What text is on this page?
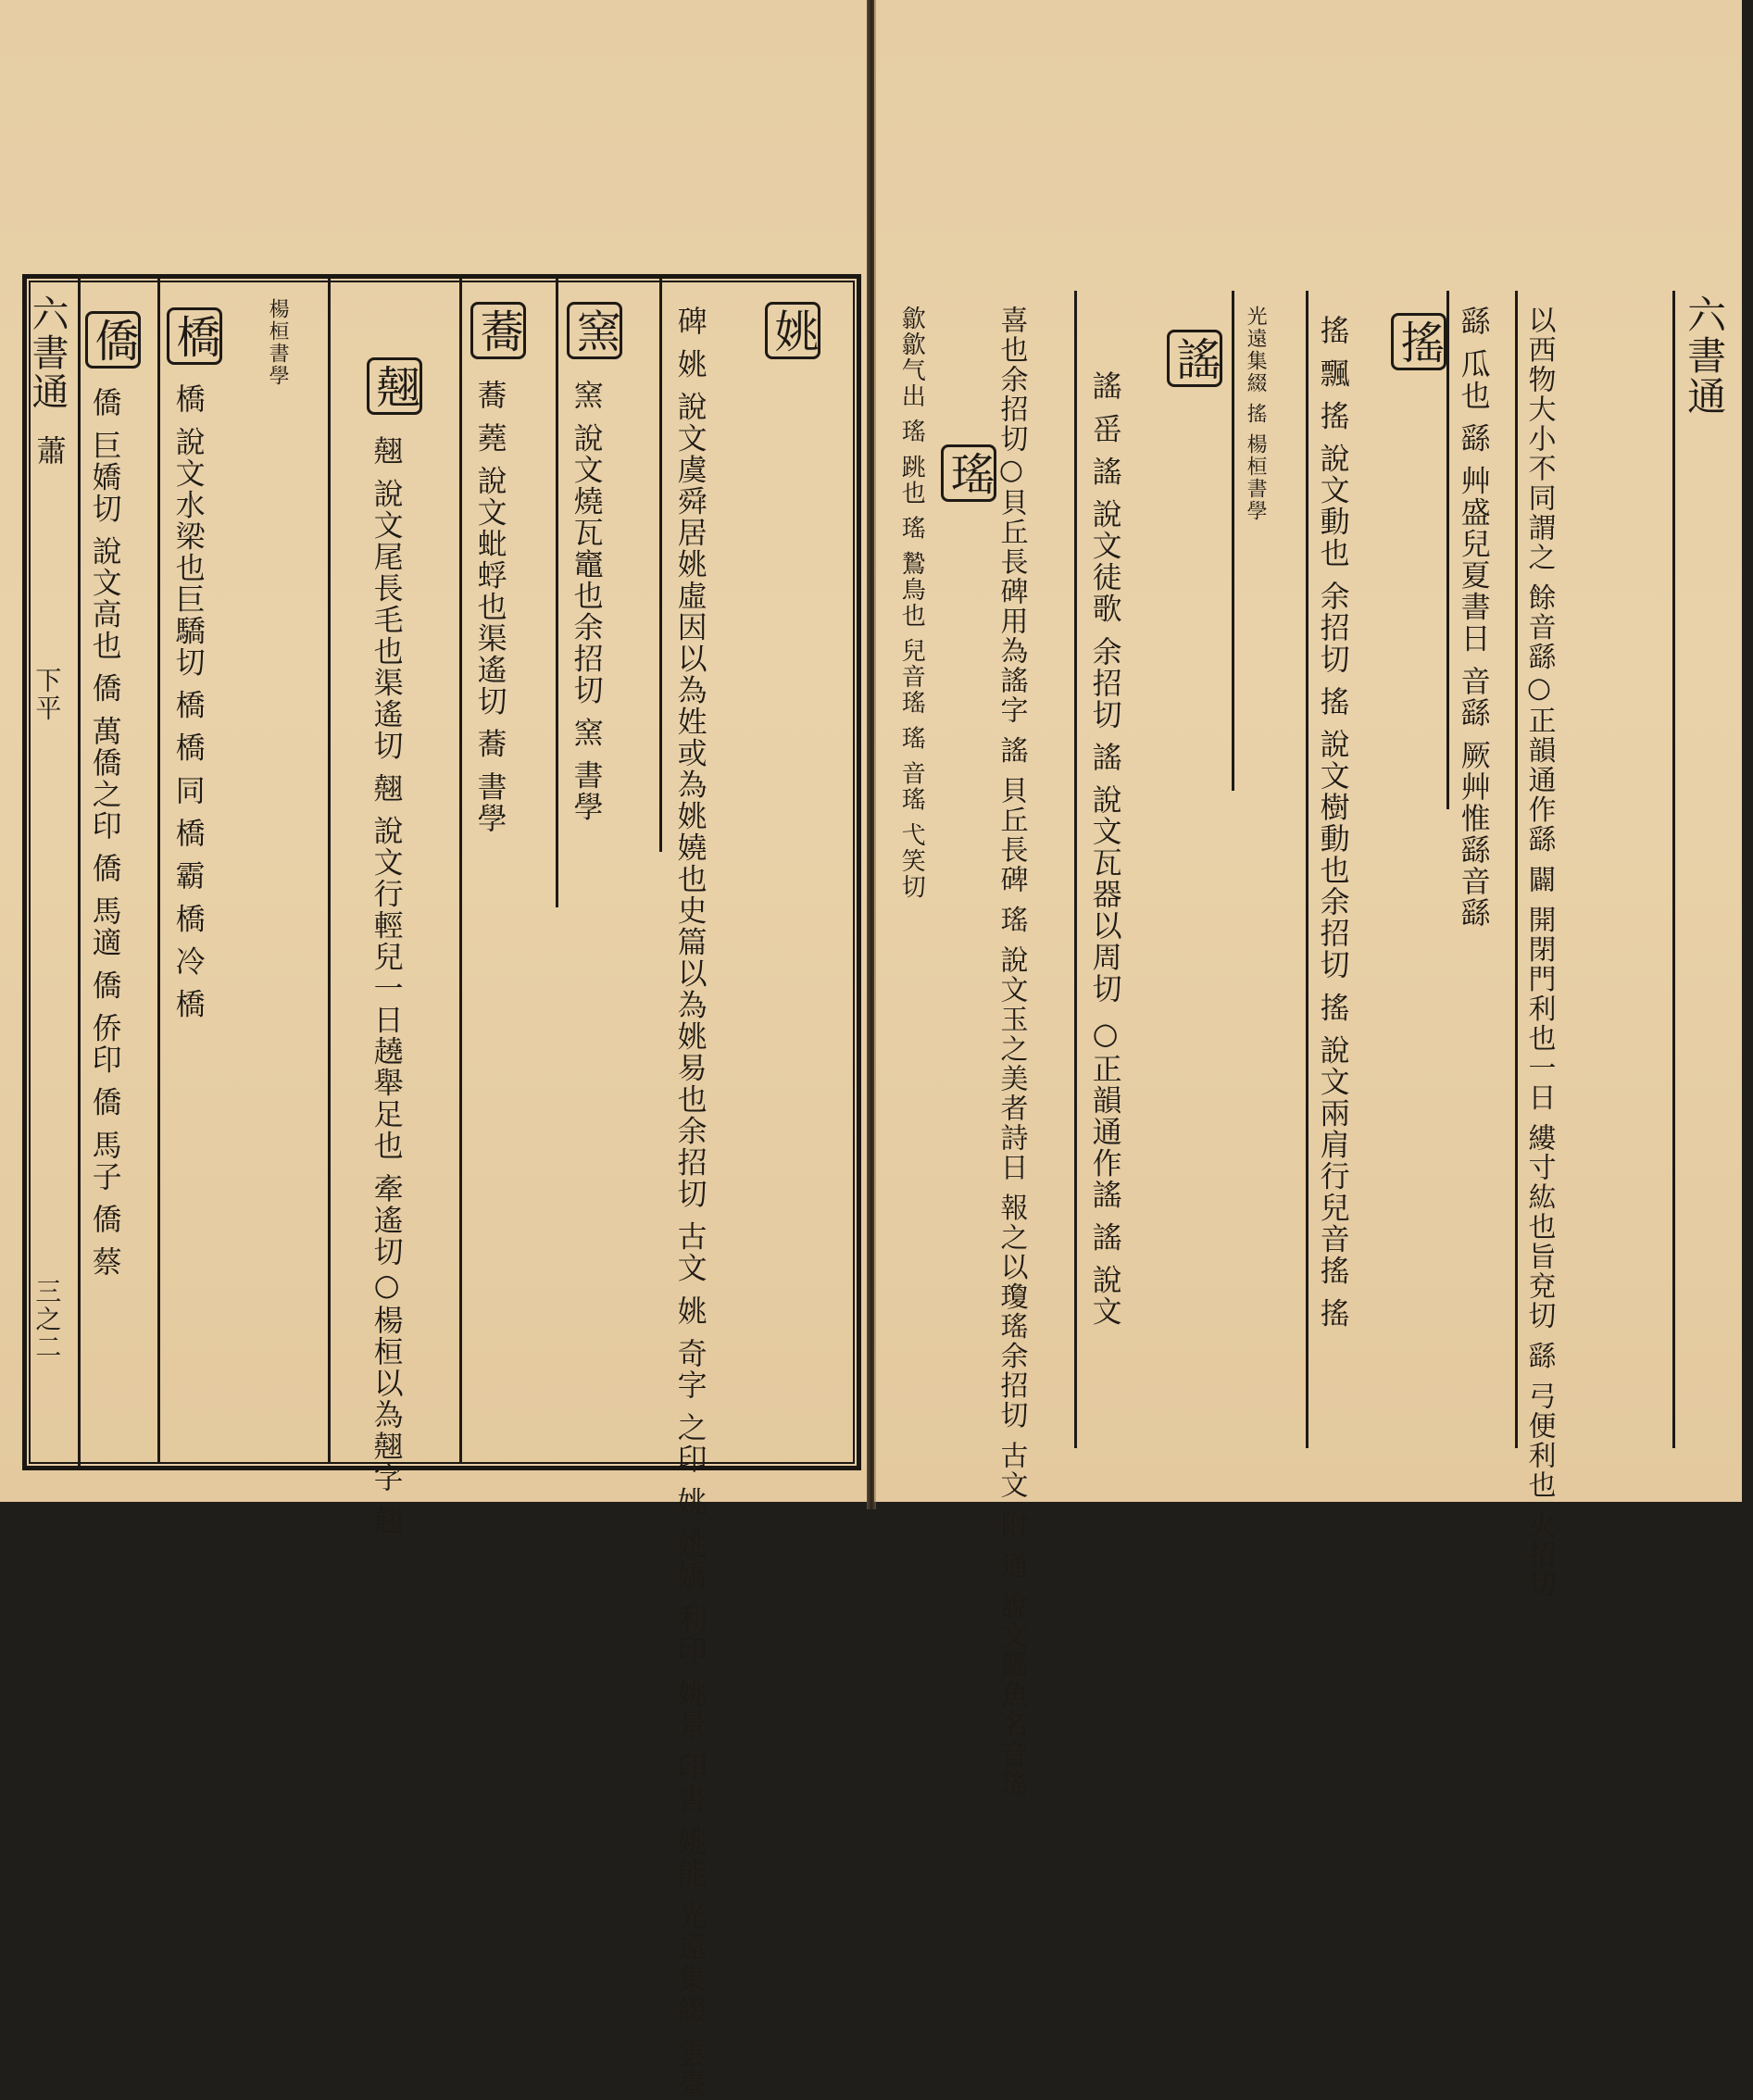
六書通
蕭
下平
三之二
僑
僑 巨嬌切 說文高也 僑 萬僑之印 僑 馬適 僑 侨印 僑 馬子 僑 蔡
橋
橋 說文水梁也巨驕切 橋 橋 同 橋 霸 橋 冷 橋
楊桓書學 翹
翹 說文尾長毛也渠遙切 翹 說文行輕兒一日趬舉足也 牽遙切○楊桓以為翹字 翹
蕎
蕎 蕘 說文蚍蜉也渠遙切 蕎 書學
窯
窯 說文燒瓦竈也余招切 窯 書學
姚
碑 姚 說文虞舜居姚虛因以為姓或為姚嬈也史篇以為姚易也余招切 古文 姚 奇字 之印 姚 姚嬌 利印 姚景 印書 姚能 光遠集綴 雲臺	六書通
以西物大小不同謂之 餘音繇○正韻通作繇 闢 開閉門利也一日 縷寸紘也旨兗切 繇 弓便利也 火招切
繇 瓜也 繇 艸盛兒夏書日 音繇 厥艸惟繇音繇
搖
搖 飄 搖 說文動也 余招切 搖 說文樹動也余招切 搖 說文兩肩行兒音搖 搖
光遠集綴 搖 楊桓書學
謠
謠 䍃 謠 說文徒歌 余招切 謠 說文瓦器以周切 ○正韻通作謠 謠 說文
喜也余招切○貝丘長碑用為謠字 謠 貝丘長碑 瑤 說文玉之美者詩日 報之以瓊瑤余招切 古文 附 通 說文鰩魚名音瑤
瑤
歙歙气出 瑤 跳也 瑤 鷙鳥也 兒音瑤 瑤 音瑤 弋笑切
